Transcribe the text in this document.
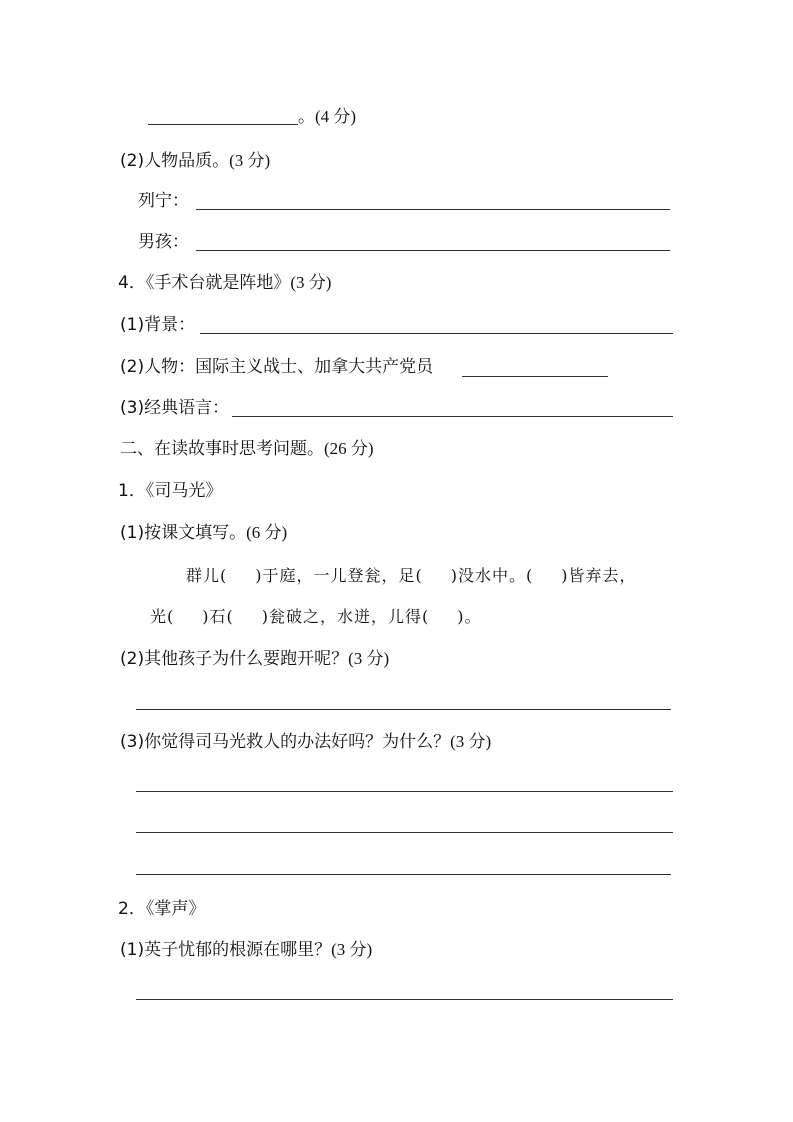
。(4 分)
(2)人物品质。(3 分)
列宁：
男孩：
4．《手术台就是阵地》(3 分)
(1)背景：
(2)人物：国际主义战士、加拿大共产党员
(3)经典语言：
二、在读故事时思考问题。(26 分)
1．《司马光》
(1)按课文填写。(6 分)
群儿( )于庭，一儿登瓮，足( )没水中。( )皆弃去，
光( )石( )瓮破之，水迸，儿得( )。
(2)其他孩子为什么要跑开呢？(3 分)
(3)你觉得司马光救人的办法好吗？为什么？(3 分)
2．《掌声》
(1)英子忧郁的根源在哪里？(3 分)
